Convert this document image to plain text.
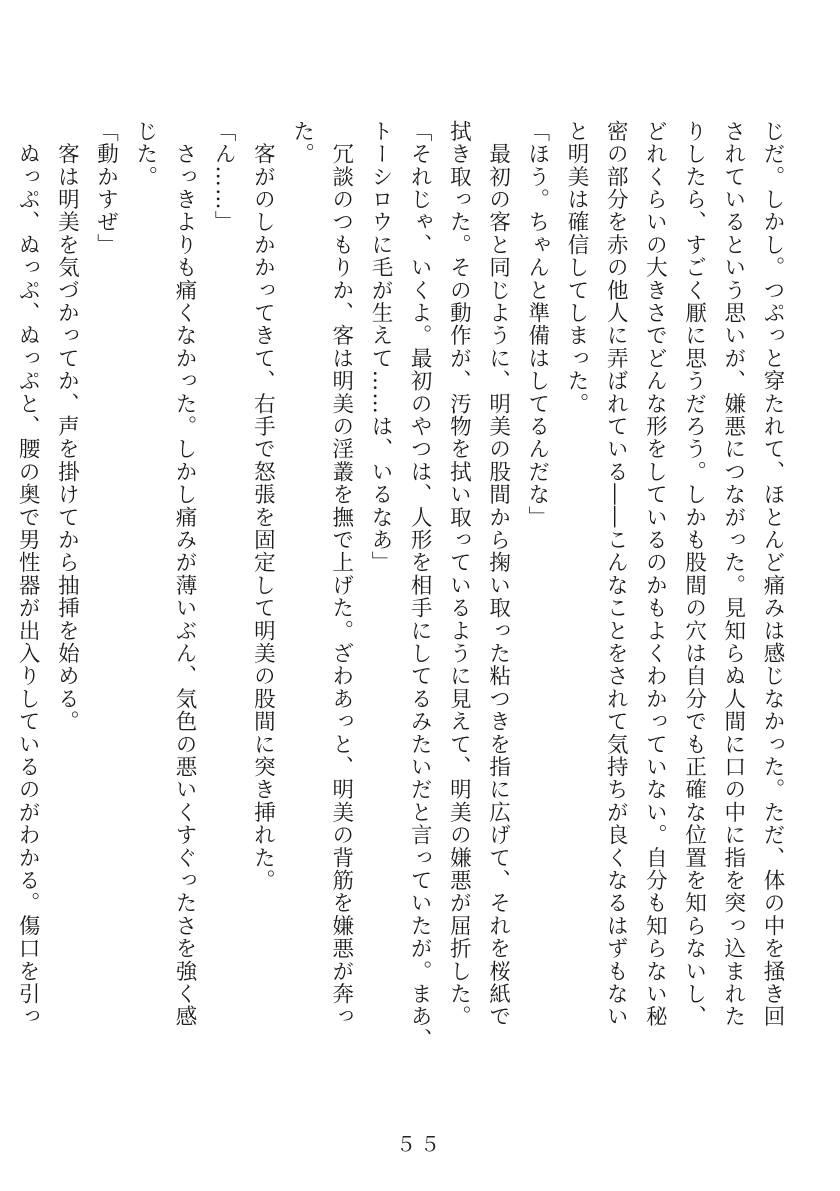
じだ。しかし。つぷっと穿たれて、ほとんど痛みは感じなかった。ただ、体の中を掻き回
されているという思いが、嫌悪につながった。見知らぬ人間に口の中に指を突っ込まれた
りしたら、すごく厭に思うだろう。しかも股間の穴は自分でも正確な位置を知らないし、
どれくらいの大きさでどんな形をしているのかもよくわかっていない。自分も知らない秘
密の部分を赤の他人に弄ばれている――こんなことをされて気持ちが良くなるはずもない
と明美は確信してしまった。
「ほう。ちゃんと準備はしてるんだな」
　最初の客と同じように、明美の股間から掬い取った粘つきを指に広げて、それを桜紙で
拭き取った。その動作が、汚物を拭い取っているように見えて、明美の嫌悪が屈折した。
「それじゃ、いくよ。最初のやつは、人形を相手にしてるみたいだと言っていたが。まあ、
トーシロウに毛が生えて……は、いるなあ」
　冗談のつもりか、客は明美の淫叢を撫で上げた。ざわあっと、明美の背筋を嫌悪が奔っ
た。
　客がのしかかってきて、右手で怒張を固定して明美の股間に突き挿れた。
「ん……」
　さっきよりも痛くなかった。しかし痛みが薄いぶん、気色の悪いくすぐったさを強く感
じた。
「動かすぜ」
　客は明美を気づかってか、声を掛けてから抽挿を始める。
　ぬっぷ、ぬっぷ、ぬっぷと、腰の奥で男性器が出入りしているのがわかる。傷口を引っ
５５
